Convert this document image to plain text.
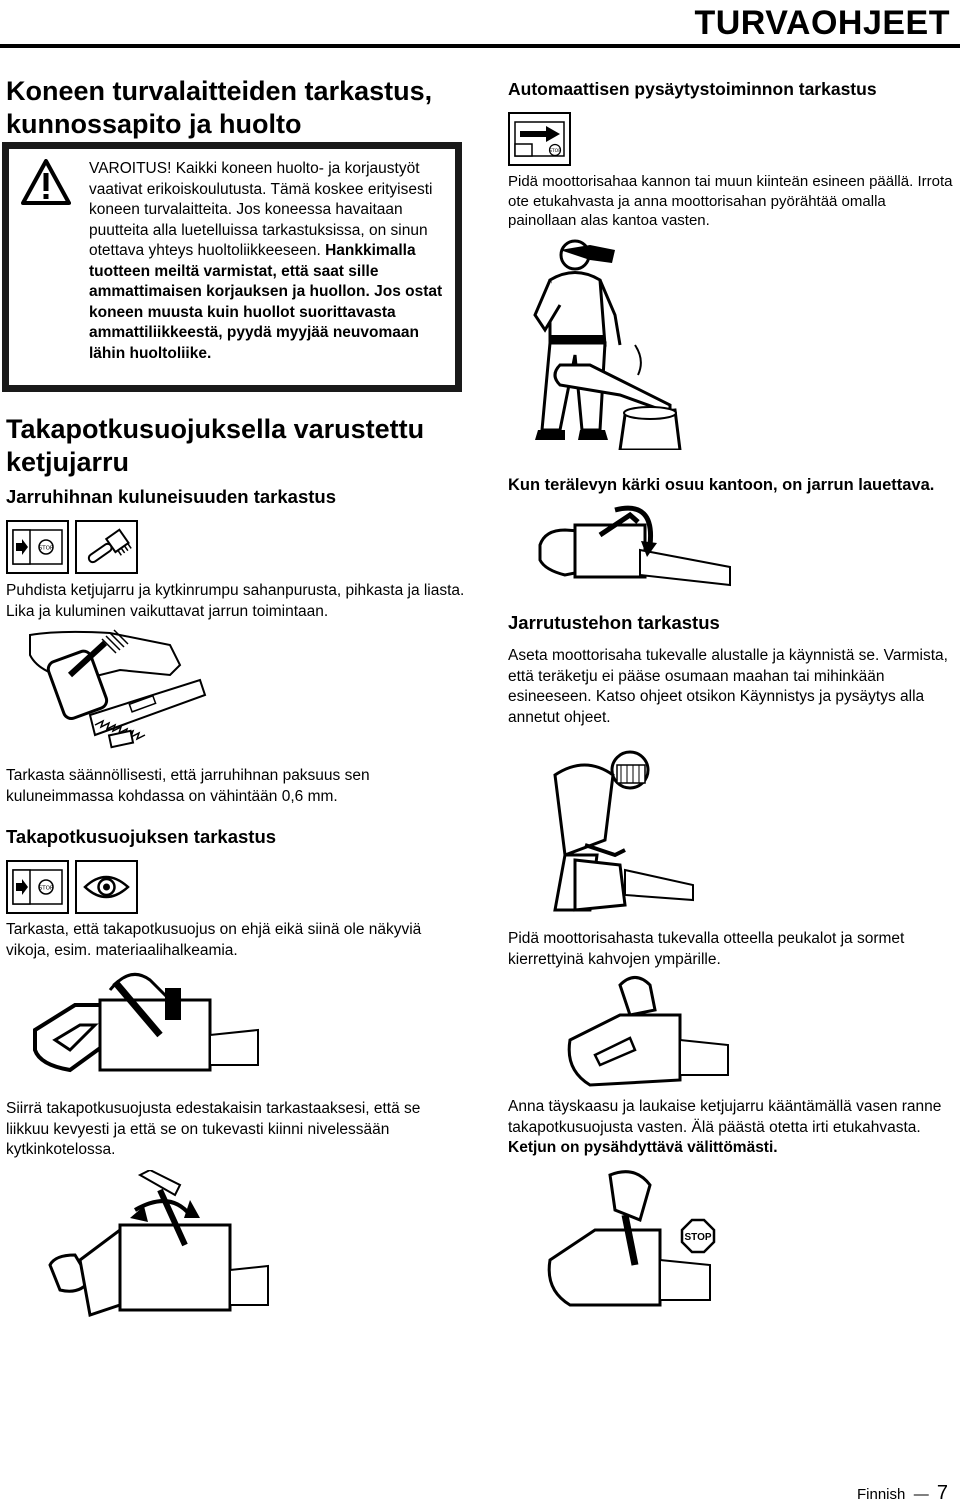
TURVAOHJEET
Koneen turvalaitteiden tarkastus, kunnossapito ja huolto
VAROITUS! Kaikki koneen huolto- ja korjaustyöt vaativat erikoiskoulutusta. Tämä koskee erityisesti koneen turvalaitteita. Jos koneessa havaitaan puutteita alla luetelluissa tarkastuksissa, on sinun otettava yhteys huoltoliikkeeseen. Hankkimalla tuotteen meiltä varmistat, että saat sille ammattimaisen korjauksen ja huollon. Jos ostat koneen muusta kuin huollot suorittavasta ammattiliikkeestä, pyydä myyjää neuvomaan lähin huoltoliike.
Takapotkusuojuksella varustettu ketjujarru
Jarruhihnan kuluneisuuden tarkastus
STOP

Puhdista ketjujarru ja kytkinrumpu sahanpurusta, pihkasta ja liasta. Lika ja kuluminen vaikuttavat jarrun toimintaan.

Tarkasta säännöllisesti, että jarruhihnan paksuus sen kuluneimmassa kohdassa on vähintään 0,6 mm.

Takapotkusuojuksen tarkastus
STOP

Tarkasta, että takapotkusuojus on ehjä eikä siinä ole näkyviä vikoja, esim. materiaalihalkeamia.

Siirrä takapotkusuojusta edestakaisin tarkastaaksesi, että se liikkuu kevyesti ja että se on tukevasti kiinni nivelessään kytkinkotelossa.

Automaattisen pysäytystoiminnon tarkastus
STOP

Pidä moottorisahaa kannon tai muun kiinteän esineen päällä. Irrota ote etukahvasta ja anna moottorisahan pyörähtää omalla painollaan alas kantoa vasten.

Kun terälevyn kärki osuu kantoon, on jarrun lauettava.
Jarrutustehon tarkastus

Aseta moottorisaha tukevalle alustalle ja käynnistä se. Varmista, että teräketju ei pääse osumaan maahan tai mihinkään esineeseen. Katso ohjeet otsikon Käynnistys ja pysäytys alla annetut ohjeet.

Pidä moottorisahasta tukevalla otteella peukalot ja sormet kierrettyinä kahvojen ympärille.

Anna täyskaasu ja laukaise ketjujarru kääntämällä vasen ranne takapotkusuojusta vasten. Älä päästä otetta irti etukahvasta. Ketjun on pysähdyttävä välittömästi.

STOP
Finnish  — 7
